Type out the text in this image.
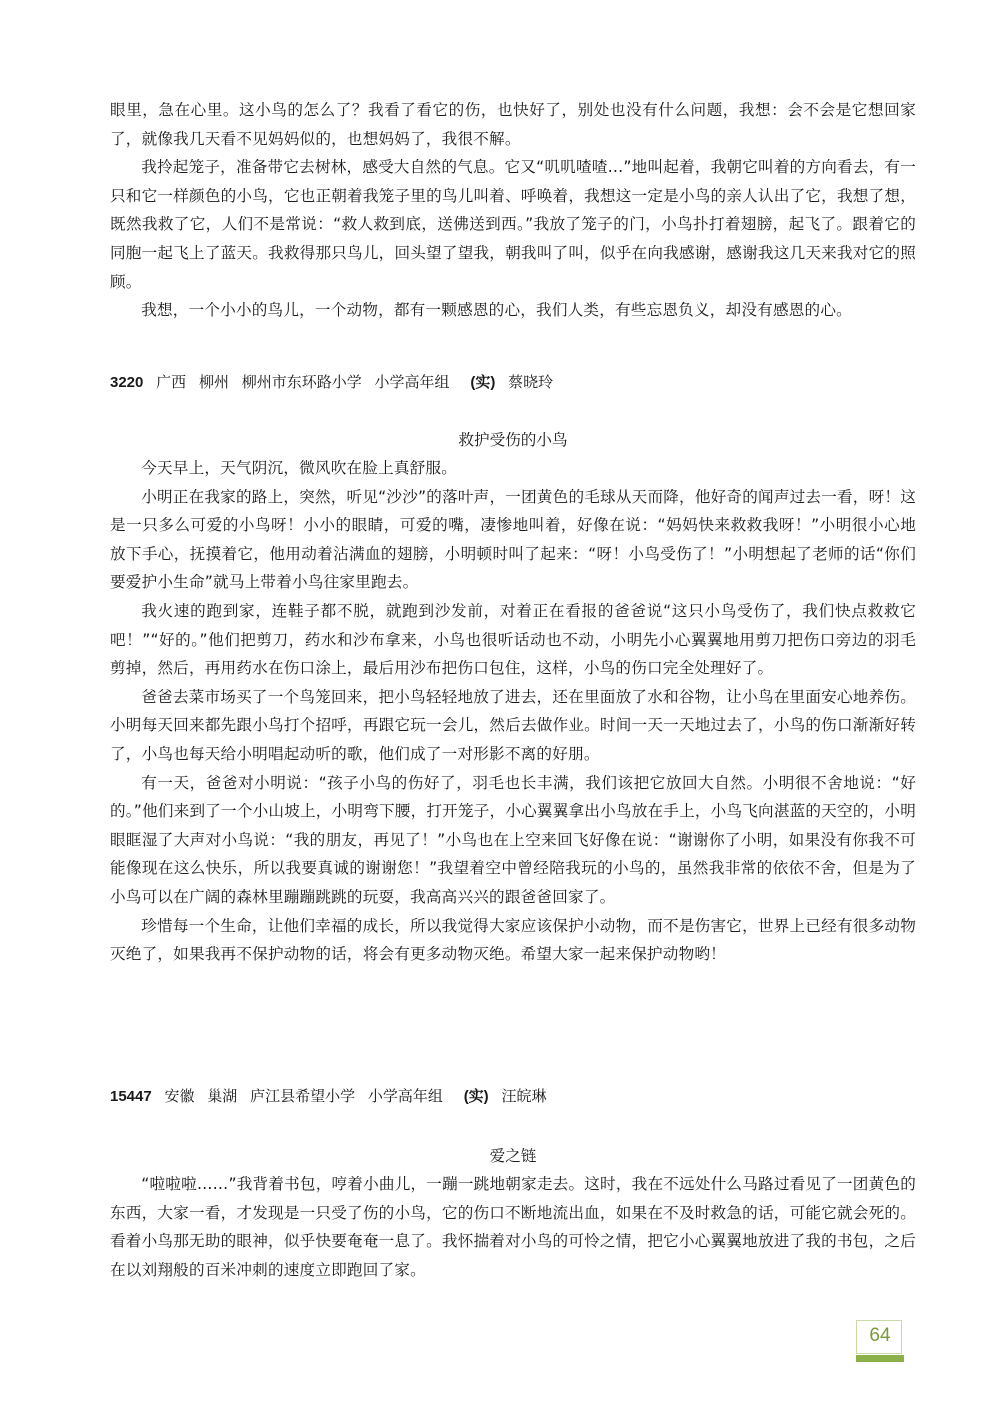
眼里，急在心里。这小鸟的怎么了？我看了看它的伤，也快好了，别处也没有什么问题，我想：会不会是它想回家了，就像我几天看不见妈妈似的，也想妈妈了，我很不解。

我拎起笼子，准备带它去树林，感受大自然的气息。它又“叽叽喳喳…”地叫起着，我朝它叫着的方向看去，有一只和它一样颜色的小鸟，它也正朝着我笼子里的鸟儿叫着、呼唤着，我想这一定是小鸟的亲人认出了它，我想了想，既然我救了它，人们不是常说：“救人救到底，送佛送到西。”我放了笼子的门，小鸟扑打着翅膀，起飞了。跟着它的同胞一起飞上了蓝天。我救得那只鸟儿，回头望了望我，朝我叫了叫，似乎在向我感谢，感谢我这几天来我对它的照顾。

我想，一个小小的鸟儿，一个动物，都有一颗感恩的心，我们人类，有些忘恩负义，却没有感恩的心。

3220 广西 柳州 柳州市东环路小学 小学高年组 (实) 蔡晓玲
救护受伤的小鸟

今天早上，天气阴沉，微风吹在脸上真舒服。

小明正在我家的路上，突然，听见“沙沙”的落叶声，一团黄色的毛球从天而降，他好奇的闻声过去一看，呀！这是一只多么可爱的小鸟呀！小小的眼睛，可爱的嘴，凄惨地叫着，好像在说：“妈妈快来救救我呀！”小明很小心地放下手心，抚摸着它，他用动着沾满血的翅膀，小明顿时叫了起来：“呀！小鸟受伤了！”小明想起了老师的话“你们要爱护小生命”就马上带着小鸟往家里跑去。

我火速的跑到家，连鞋子都不脱，就跑到沙发前，对着正在看报的爸爸说“这只小鸟受伤了，我们快点救救它吧！”“好的。”他们把剪刀，药水和沙布拿来，小鸟也很听话动也不动，小明先小心翼翼地用剪刀把伤口旁边的羽毛剪掉，然后，再用药水在伤口涂上，最后用沙布把伤口包住，这样，小鸟的伤口完全处理好了。

爸爸去菜市场买了一个鸟笼回来，把小鸟轻轻地放了进去，还在里面放了水和谷物，让小鸟在里面安心地养伤。小明每天回来都先跟小鸟打个招呼，再跟它玩一会儿，然后去做作业。时间一天一天地过去了，小鸟的伤口渐渐好转了，小鸟也每天给小明唱起动听的歌，他们成了一对形影不离的好朋。

有一天，爸爸对小明说：“孩子小鸟的伤好了，羽毛也长丰满，我们该把它放回大自然。小明很不舍地说：“好的。”他们来到了一个小山坡上，小明弯下腰，打开笼子，小心翼翼拿出小鸟放在手上，小鸟飞向湛蓝的天空的，小明眼眶湿了大声对小鸟说：“我的朋友，再见了！”小鸟也在上空来回飞好像在说：“谢谢你了小明，如果没有你我不可能像现在这么快乐，所以我要真诚的谢谢您！”我望着空中曾经陪我玩的小鸟的，虽然我非常的依依不舍，但是为了小鸟可以在广阔的森林里蹦蹦跳跳的玩耍，我高高兴兴的跟爸爸回家了。

珍惜每一个生命，让他们幸福的成长，所以我觉得大家应该保护小动物，而不是伤害它，世界上已经有很多动物灭绝了，如果我再不保护动物的话，将会有更多动物灭绝。希望大家一起来保护动物哟！

15447 安徽 巢湖 庐江县希望小学 小学高年组 (实) 汪皖琳
爱之链

“啦啦啦……”我背着书包，哼着小曲儿，一蹦一跳地朝家走去。这时，我在不远处什么马路过看见了一团黄色的东西，大家一看，才发现是一只受了伤的小鸟，它的伤口不断地流出血，如果在不及时救急的话，可能它就会死的。看着小鸟那无助的眼神，似乎快要奄奄一息了。我怀揣着对小鸟的可怜之情，把它小心翼翼地放进了我的书包，之后在以刘翔般的百米冲刺的速度立即跑回了家。

64
